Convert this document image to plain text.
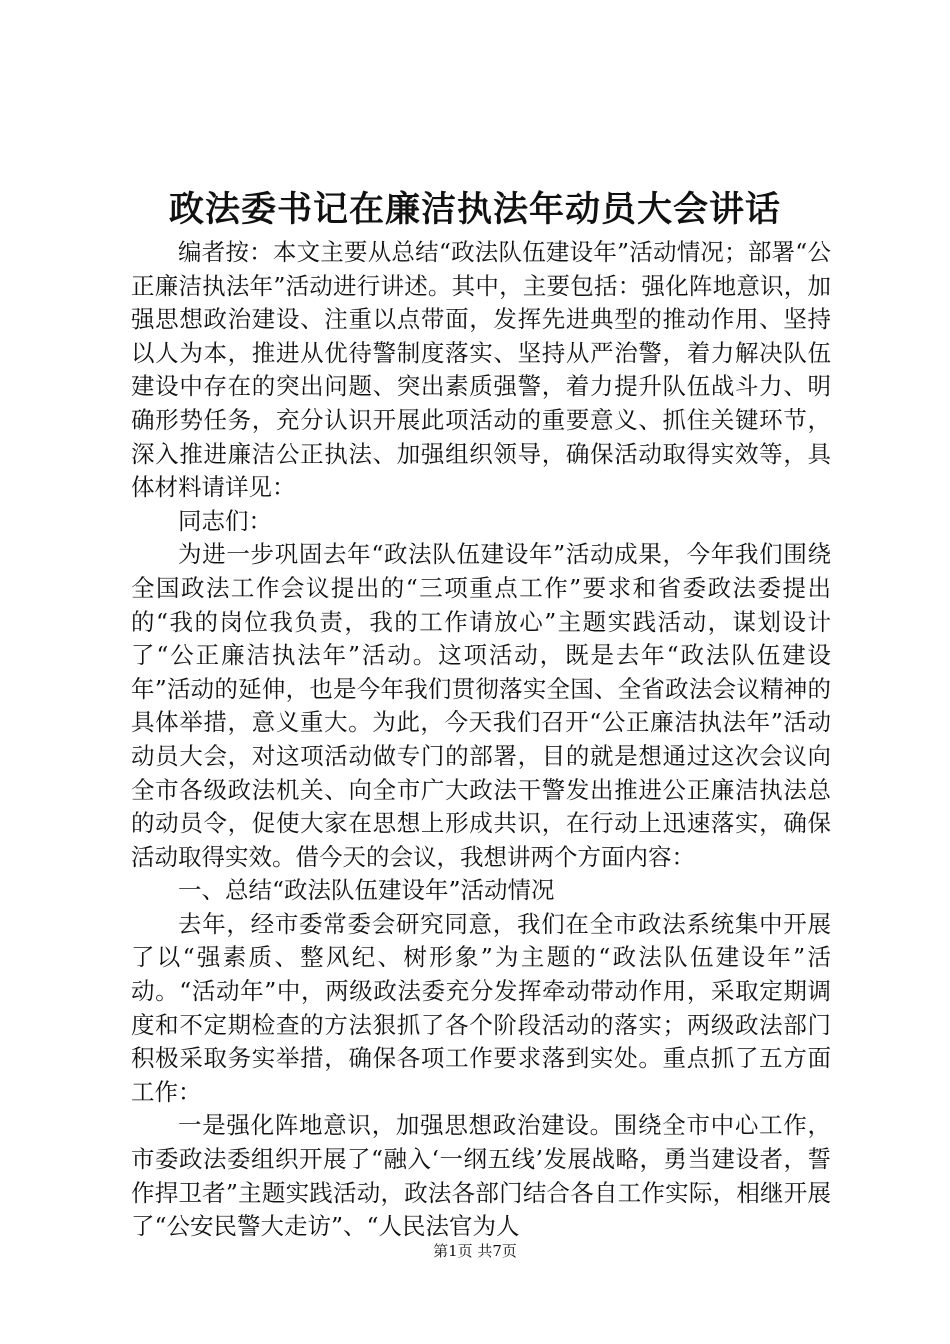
政法委书记在廉洁执法年动员大会讲话

编者按：本文主要从总结“政法队伍建设年”活动情况；部署“公正廉洁执法年”活动进行讲述。其中，主要包括：强化阵地意识，加强思想政治建设、注重以点带面，发挥先进典型的推动作用、坚持以人为本，推进从优待警制度落实、坚持从严治警，着力解决队伍建设中存在的突出问题、突出素质强警，着力提升队伍战斗力、明确形势任务，充分认识开展此项活动的重要意义、抓住关键环节，深入推进廉洁公正执法、加强组织领导，确保活动取得实效等，具体材料请详见：

同志们：

为进一步巩固去年“政法队伍建设年”活动成果，今年我们围绕全国政法工作会议提出的“三项重点工作”要求和省委政法委提出的“我的岗位我负责，我的工作请放心”主题实践活动，谋划设计了“公正廉洁执法年”活动。这项活动，既是去年“政法队伍建设年”活动的延伸，也是今年我们贯彻落实全国、全省政法会议精神的具体举措，意义重大。为此，今天我们召开“公正廉洁执法年”活动动员大会，对这项活动做专门的部署，目的就是想通过这次会议向全市各级政法机关、向全市广大政法干警发出推进公正廉洁执法总的动员令，促使大家在思想上形成共识，在行动上迅速落实，确保活动取得实效。借今天的会议，我想讲两个方面内容：

一、总结“政法队伍建设年”活动情况

去年，经市委常委会研究同意，我们在全市政法系统集中开展了以“强素质、整风纪、树形象”为主题的“政法队伍建设年”活动。“活动年”中，两级政法委充分发挥牵动带动作用，采取定期调度和不定期检查的方法狠抓了各个阶段活动的落实；两级政法部门积极采取务实举措，确保各项工作要求落到实处。重点抓了五方面工作：

一是强化阵地意识，加强思想政治建设。围绕全市中心工作，市委政法委组织开展了“融入‘一纲五线’发展战略，勇当建设者，誓作捍卫者”主题实践活动，政法各部门结合各自工作实际，相继开展了“公安民警大走访”、“人民法官为人

第1页 共7页
